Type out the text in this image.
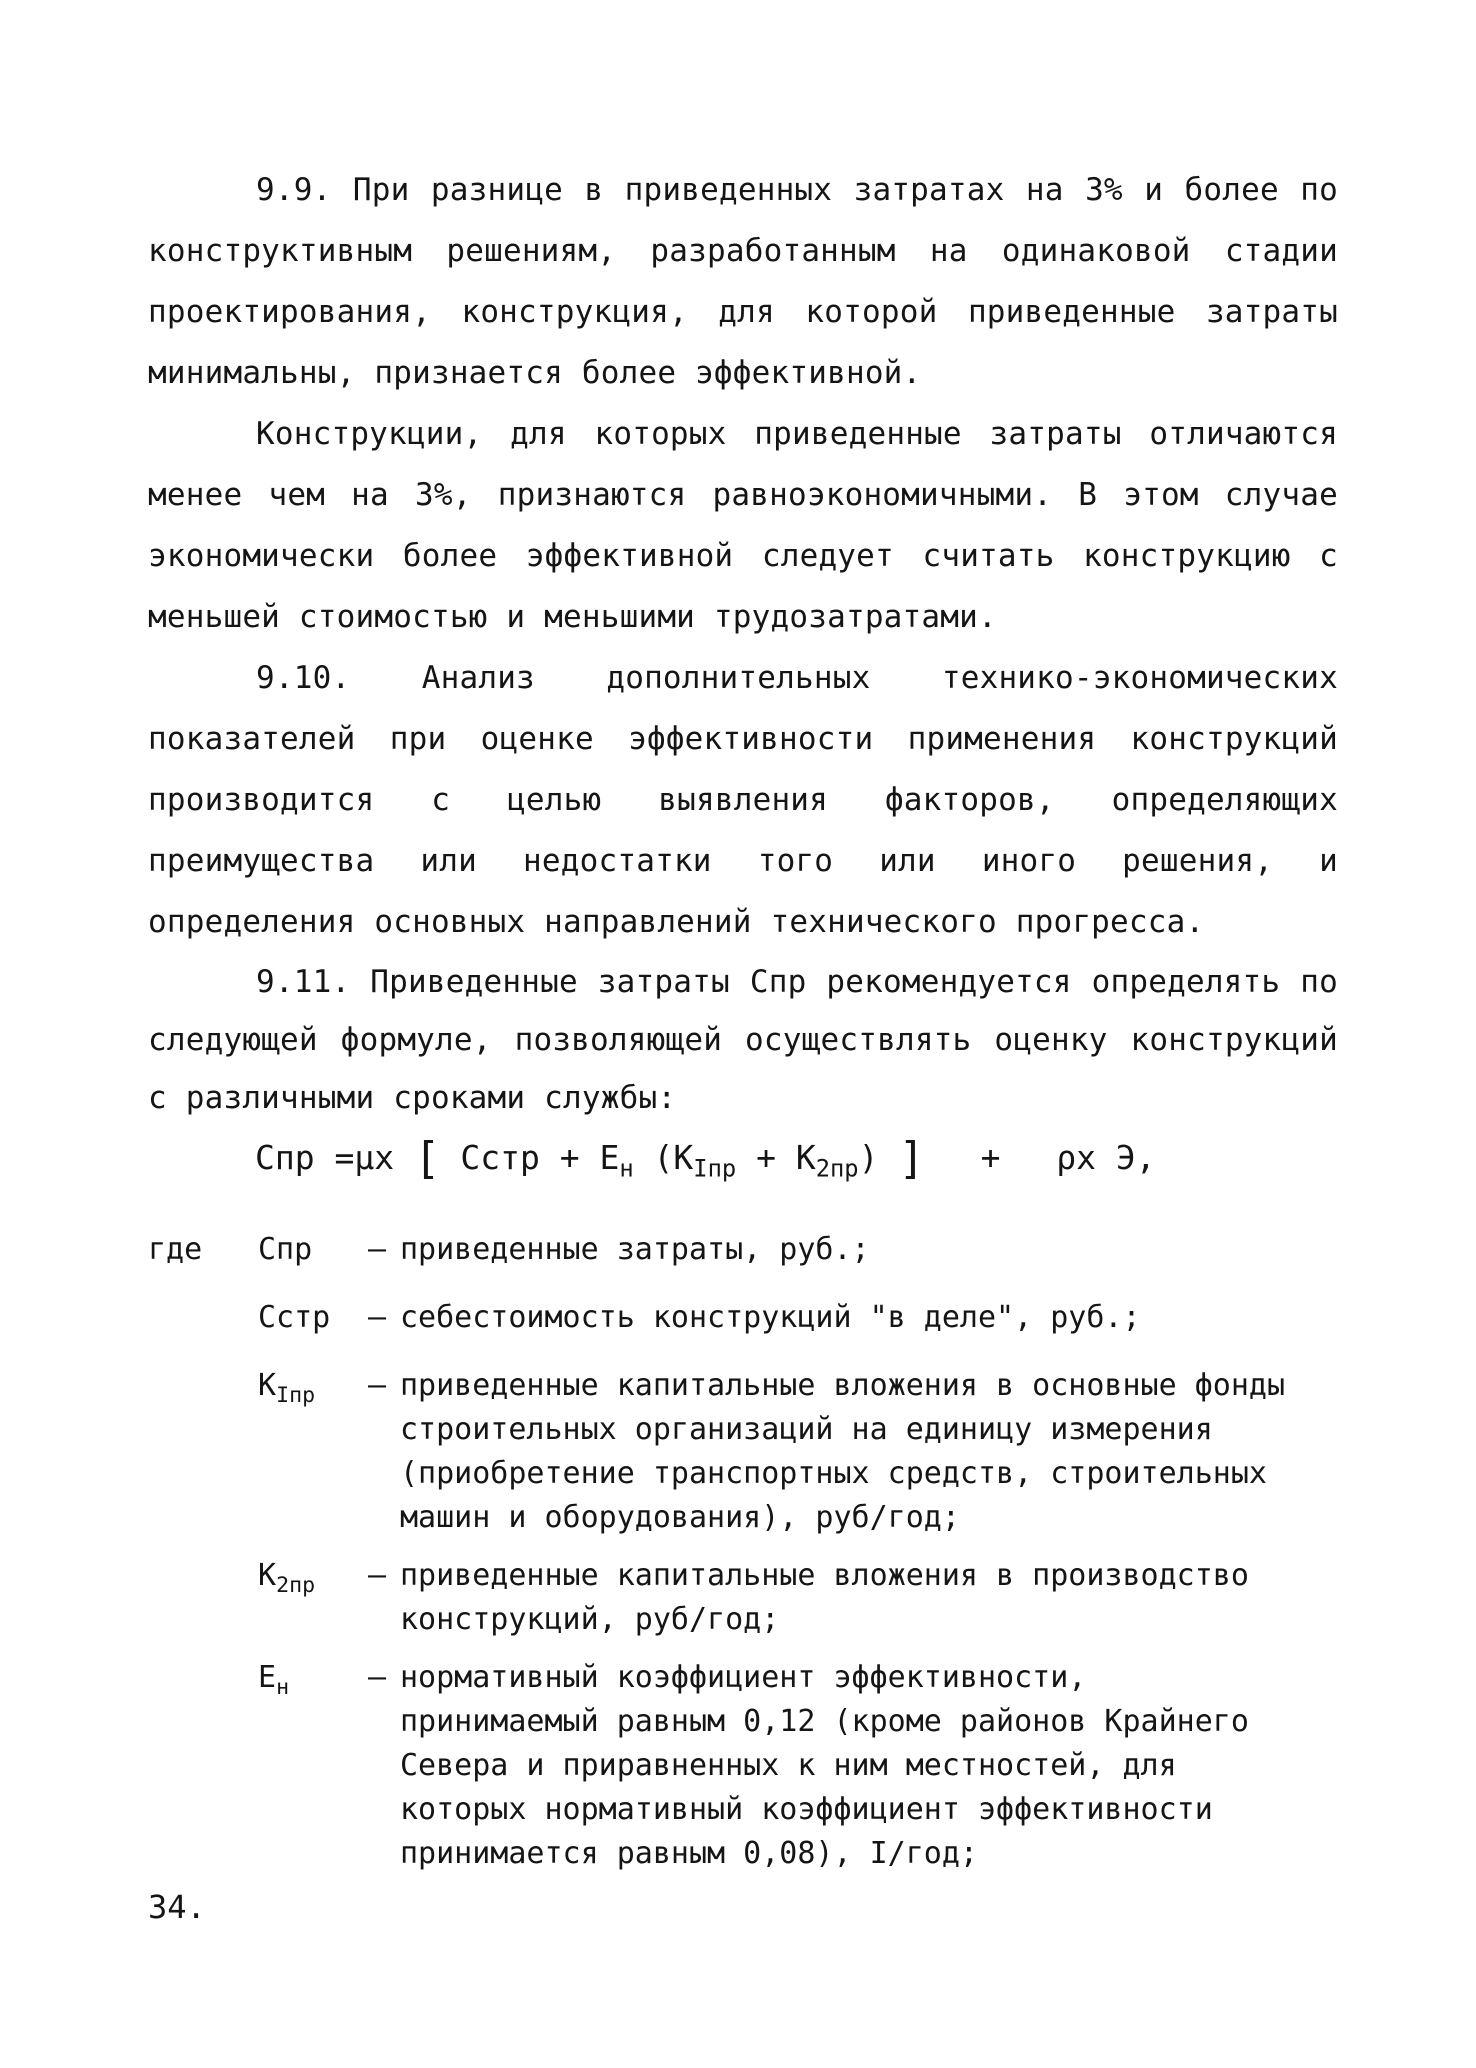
9.9. При разнице в приведенных затратах на 3% и более по конструктивным решениям, разработанным на одинаковой стадии проектирования, конструкция, для которой приведенные затраты минимальны, признается более эффективной.

Конструкции, для которых приведенные затраты отличаются менее чем на 3%, признаются равноэкономичными. В этом случае экономически более эффективной следует считать конструкцию с меньшей стоимостью и меньшими трудозатратами.

9.10. Анализ дополнительных технико-экономических показателей при оценке эффективности применения конструкций производится с целью выявления факторов, определяющих преимущества или недостатки того или иного решения, и определения основных направлений технического прогресса.

9.11. Приведенные затраты Спр рекомендуется определять по следующей формуле, позволяющей осуществлять оценку конструкций с различными сроками службы:

Спр =μx [ Сстр + $Е_н$ $(К_{Iпр} + К_{2пр})$ ] + ρx Э,
где	Спр	– приведенные затраты, руб.;
Сстр	– себестоимость конструкций "в деле", руб.;
$К_{Iпр}$	– приведенные капитальные вложения в основные фонды строительных организаций на единицу измерения (приобретение транспортных средств, строительных машин и оборудования), руб/год;
$К_{2пр}$	– приведенные капитальные вложения в производство конструкций, руб/год;
$Е_н$	– нормативный коэффициент эффективности, принимаемый равным 0,12 (кроме районов Крайнего Севера и приравненных к ним местностей, для которых нормативный коэффициент эффективности принимается равным 0,08), I/год;
34.
